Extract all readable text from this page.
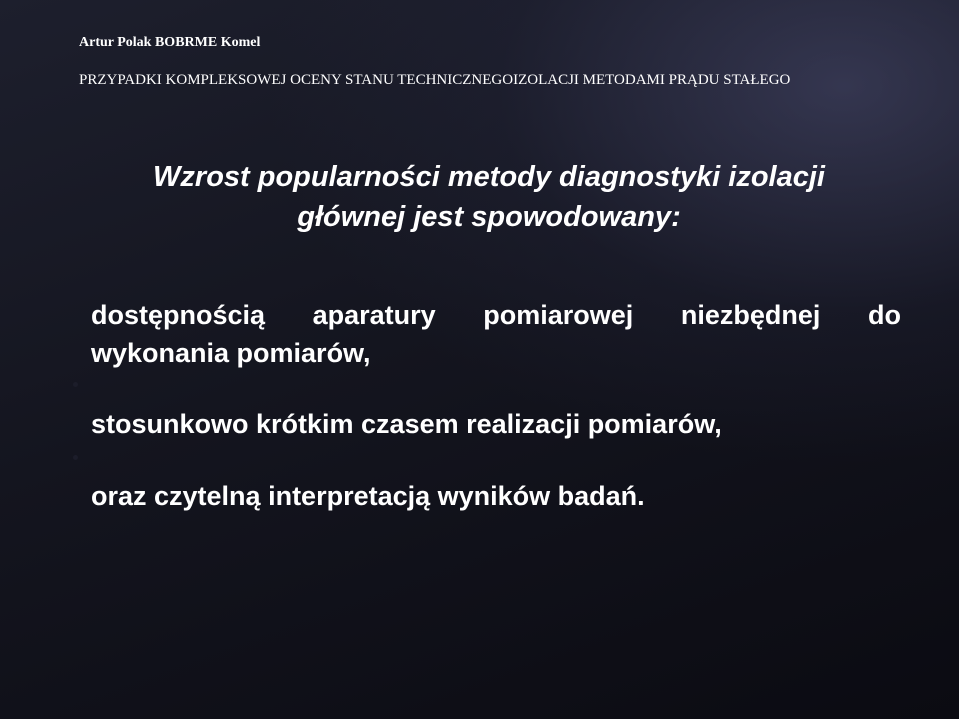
Artur Polak BOBRME Komel
PRZYPADKI KOMPLEKSOWEJ OCENY STANU TECHNICZNEGOIZOLACJI METODAMI PRĄDU STAŁEGO
Wzrost popularności metody diagnostyki izolacji
głównej jest spowodowany:
dostępnością aparatury pomiarowej niezbędnej do
wykonania pomiarów,
stosunkowo krótkim czasem realizacji pomiarów,
oraz czytelną interpretacją wyników badań.
